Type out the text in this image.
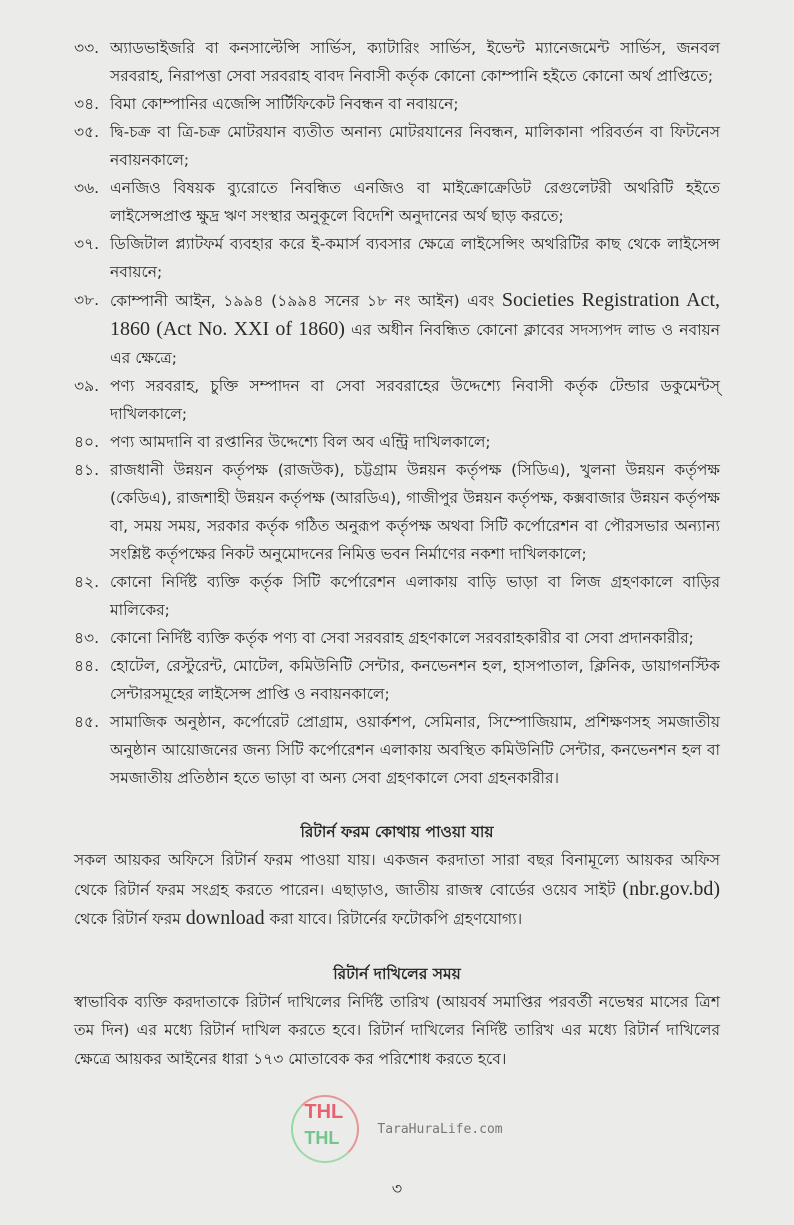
৩৩. অ্যাডভাইজরি বা কনসাল্টেন্সি সার্ভিস, ক্যাটারিং সার্ভিস, ইভেন্ট ম্যানেজমেন্ট সার্ভিস, জনবল সরবরাহ, নিরাপত্তা সেবা সরবরাহ বাবদ নিবাসী কর্তৃক কোনো কোম্পানি হইতে কোনো অর্থ প্রাপ্তিতে;
৩৪. বিমা কোম্পানির এজেন্সি সার্টিফিকেট নিবন্ধন বা নবায়নে;
৩৫. দ্বি-চক্র বা ত্রি-চক্র মোটরযান ব্যতীত অনান্য মোটরযানের নিবন্ধন, মালিকানা পরিবর্তন বা ফিটনেস নবায়নকালে;
৩৬. এনজিও বিষয়ক ব্যুরোতে নিবন্ধিত এনজিও বা মাইক্রোক্রেডিট রেগুলেটরী অথরিটি হইতে লাইসেন্সপ্রাপ্ত ক্ষুদ্র ঋণ সংস্থার অনুকূলে বিদেশি অনুদানের অর্থ ছাড় করতে;
৩৭. ডিজিটাল প্ল্যাটফর্ম ব্যবহার করে ই-কমার্স ব্যবসার ক্ষেত্রে লাইসেন্সিং অথরিটির কাছ থেকে লাইসেন্স নবায়নে;
৩৮. কোম্পানী আইন, ১৯৯৪ (১৯৯৪ সনের ১৮ নং আইন) এবং Societies Registration Act, 1860 (Act No. XXI of 1860) এর অধীন নিবন্ধিত কোনো ক্লাবের সদস্যপদ লাভ ও নবায়ন এর ক্ষেত্রে;
৩৯. পণ্য সরবরাহ, চুক্তি সম্পাদন বা সেবা সরবরাহের উদ্দেশ্যে নিবাসী কর্তৃক টেন্ডার ডকুমেন্টস্ দাখিলকালে;
৪০. পণ্য আমদানি বা রপ্তানির উদ্দেশ্যে বিল অব এন্ট্রি দাখিলকালে;
৪১. রাজধানী উন্নয়ন কর্তৃপক্ষ (রাজউক), চট্টগ্রাম উন্নয়ন কর্তৃপক্ষ (সিডিএ), খুলনা উন্নয়ন কর্তৃপক্ষ (কেডিএ), রাজশাহী উন্নয়ন কর্তৃপক্ষ (আরডিএ), গাজীপুর উন্নয়ন কর্তৃপক্ষ, কক্সবাজার উন্নয়ন কর্তৃপক্ষ বা, সময় সময়, সরকার কর্তৃক গঠিত অনুরূপ কর্তৃপক্ষ অথবা সিটি কর্পোরেশন বা পৌরসভার অন্যান্য সংশ্লিষ্ট কর্তৃপক্ষের নিকট অনুমোদনের নিমিত্ত ভবন নির্মাণের নকশা দাখিলকালে;
৪২. কোনো নির্দিষ্ট ব্যক্তি কর্তৃক সিটি কর্পোরেশন এলাকায় বাড়ি ভাড়া বা লিজ গ্রহণকালে বাড়ির মালিকের;
৪৩. কোনো নির্দিষ্ট ব্যক্তি কর্তৃক পণ্য বা সেবা সরবরাহ গ্রহণকালে সরবরাহকারীর বা সেবা প্রদানকারীর;
৪৪. হোটেল, রেস্টুরেন্ট, মোটেল, কমিউনিটি সেন্টার, কনভেনশন হল, হাসপাতাল, ক্লিনিক, ডায়াগনস্টিক সেন্টারসমূহের লাইসেন্স প্রাপ্তি ও নবায়নকালে;
৪৫. সামাজিক অনুষ্ঠান, কর্পোরেট প্রোগ্রাম, ওয়ার্কশপ, সেমিনার, সিম্পোজিয়াম, প্রশিক্ষণসহ সমজাতীয় অনুষ্ঠান আয়োজনের জন্য সিটি কর্পোরেশন এলাকায় অবস্থিত কমিউনিটি সেন্টার, কনভেনশন হল বা সমজাতীয় প্রতিষ্ঠান হতে ভাড়া বা অন্য সেবা গ্রহণকালে সেবা গ্রহনকারীর।
রিটার্ন ফরম কোথায় পাওয়া যায়
সকল আয়কর অফিসে রিটার্ন ফরম পাওয়া যায়। একজন করদাতা সারা বছর বিনামূল্যে আয়কর অফিস থেকে রিটার্ন ফরম সংগ্রহ করতে পারেন। এছাড়াও, জাতীয় রাজস্ব বোর্ডের ওয়েব সাইট (nbr.gov.bd) থেকে রিটার্ন ফরম download করা যাবে। রিটার্নের ফটোকপি গ্রহণযোগ্য।
রিটার্ন দাখিলের সময়
স্বাভাবিক ব্যক্তি করদাতাকে রিটার্ন দাখিলের নির্দিষ্ট তারিখ (আয়বর্ষ সমাপ্তির পরবর্তী নভেম্বর মাসের ত্রিশ তম দিন) এর মধ্যে রিটার্ন দাখিল করতে হবে। রিটার্ন দাখিলের নির্দিষ্ট তারিখ এর মধ্যে রিটার্ন দাখিলের ক্ষেত্রে আয়কর আইনের ধারা ১৭৩ মোতাবেক কর পরিশোধ করতে হবে।
THL
THL	TaraHuraLife.com
৩
